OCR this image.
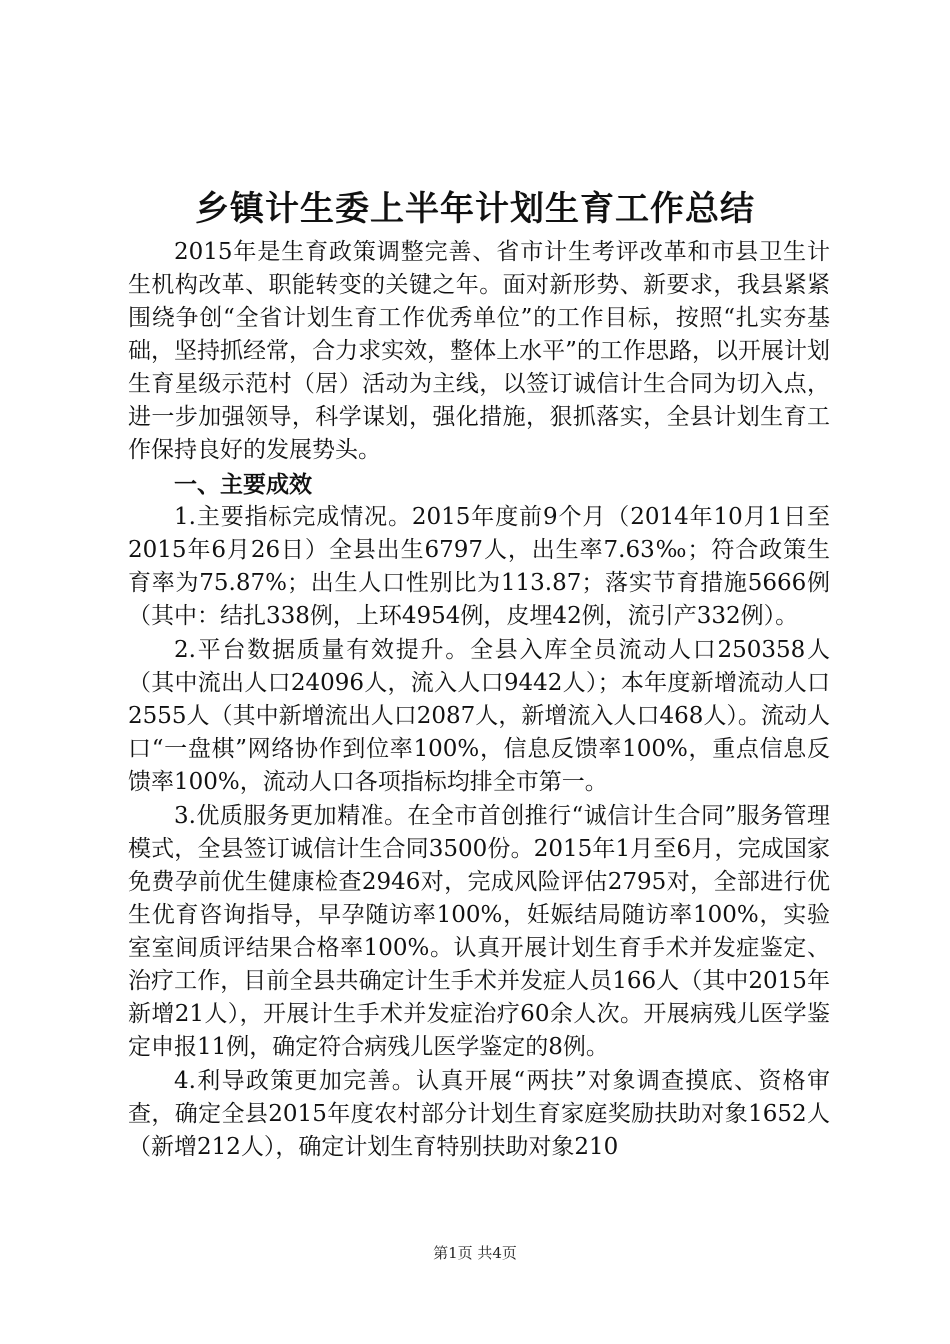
乡镇计生委上半年计划生育工作总结

2015年是生育政策调整完善、省市计生考评改革和市县卫生计生机构改革、职能转变的关键之年。面对新形势、新要求，我县紧紧围绕争创“全省计划生育工作优秀单位”的工作目标，按照“扎实夯基础，坚持抓经常，合力求实效，整体上水平”的工作思路，以开展计划生育星级示范村（居）活动为主线，以签订诚信计生合同为切入点，进一步加强领导，科学谋划，强化措施，狠抓落实，全县计划生育工作保持良好的发展势头。

一、主要成效

1.主要指标完成情况。2015年度前9个月（2014年10月1日至2015年6月26日）全县出生6797人，出生率7.63‰；符合政策生育率为75.87%；出生人口性别比为113.87；落实节育措施5666例（其中：结扎338例，上环4954例，皮埋42例，流引产332例）。

2.平台数据质量有效提升。全县入库全员流动人口250358人（其中流出人口24096人，流入人口9442人）；本年度新增流动人口2555人（其中新增流出人口2087人，新增流入人口468人）。流动人口“一盘棋”网络协作到位率100%，信息反馈率100%，重点信息反馈率100%，流动人口各项指标均排全市第一。

3.优质服务更加精准。在全市首创推行“诚信计生合同”服务管理模式，全县签订诚信计生合同3500份。2015年1月至6月，完成国家免费孕前优生健康检查2946对，完成风险评估2795对，全部进行优生优育咨询指导，早孕随访率100%，妊娠结局随访率100%，实验室室间质评结果合格率100%。认真开展计划生育手术并发症鉴定、治疗工作，目前全县共确定计生手术并发症人员166人（其中2015年新增21人），开展计生手术并发症治疗60余人次。开展病残儿医学鉴定申报11例，确定符合病残儿医学鉴定的8例。

4.利导政策更加完善。认真开展“两扶”对象调查摸底、资格审查，确定全县2015年度农村部分计划生育家庭奖励扶助对象1652人（新增212人），确定计划生育特别扶助对象210

第1页 共4页
